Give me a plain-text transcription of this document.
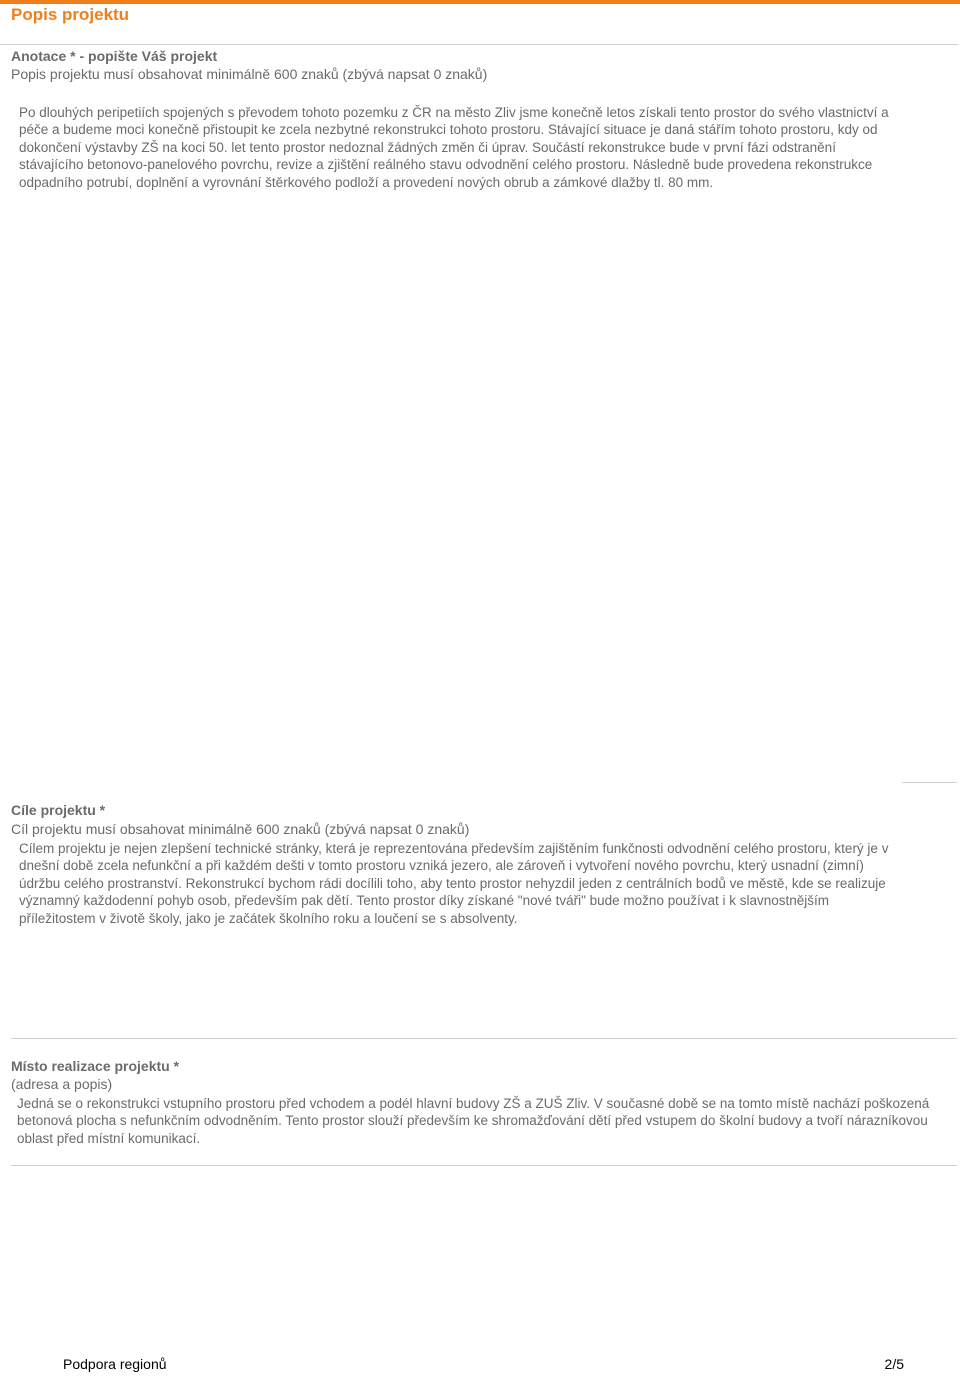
Popis projektu
Anotace * - popište Váš projekt
Popis projektu musí obsahovat minimálně 600 znaků (zbývá napsat 0 znaků)

Po dlouhých peripetiích spojených s převodem tohoto pozemku z ČR na město Zliv jsme konečně letos získali tento prostor do svého vlastnictví a péče a budeme moci konečně přistoupit ke zcela nezbytné rekonstrukci tohoto prostoru. Stávající situace je daná stářím tohoto prostoru, kdy od dokončení výstavby ZŠ na koci 50. let tento prostor nedoznal žádných změn či úprav. Součástí rekonstrukce bude v první fázi odstranění stávajícího betonovo-panelového povrchu, revize a zjištění reálného stavu odvodnění celého prostoru. Následně bude provedena rekonstrukce odpadního potrubí, doplnění a vyrovnání štěrkového podloží a provedení nových obrub a zámkové dlažby tl. 80 mm.

Cíle projektu *
Cíl projektu musí obsahovat minimálně 600 znaků (zbývá napsat 0 znaků)

Cílem projektu je nejen zlepšení technické stránky, která je reprezentována především zajištěním funkčnosti odvodnění celého prostoru, který je v dnešní době zcela nefunkční a při každém dešti v tomto prostoru vzniká jezero, ale zároveň i vytvoření nového povrchu, který usnadní (zimní) údržbu celého prostranství. Rekonstrukcí bychom rádi docílili toho, aby tento prostor nehyzdil jeden z centrálních bodů ve městě, kde se realizuje významný každodenní pohyb osob, především pak dětí. Tento prostor díky získané "nové tváři" bude možno používat i k slavnostnějším příležitostem v životě školy, jako je začátek školního roku a loučení se s absolventy.

Místo realizace projektu *
(adresa a popis)

Jedná se o rekonstrukci vstupního prostoru před vchodem a podél hlavní budovy ZŠ a ZUŠ Zliv. V současné době se na tomto místě nachází poškozená betonová plocha s nefunkčním odvodněním. Tento prostor slouží především ke shromažďování dětí před vstupem do školní budovy a tvoří nárazníkovou oblast před místní komunikací.

Podpora regionů	2/5
